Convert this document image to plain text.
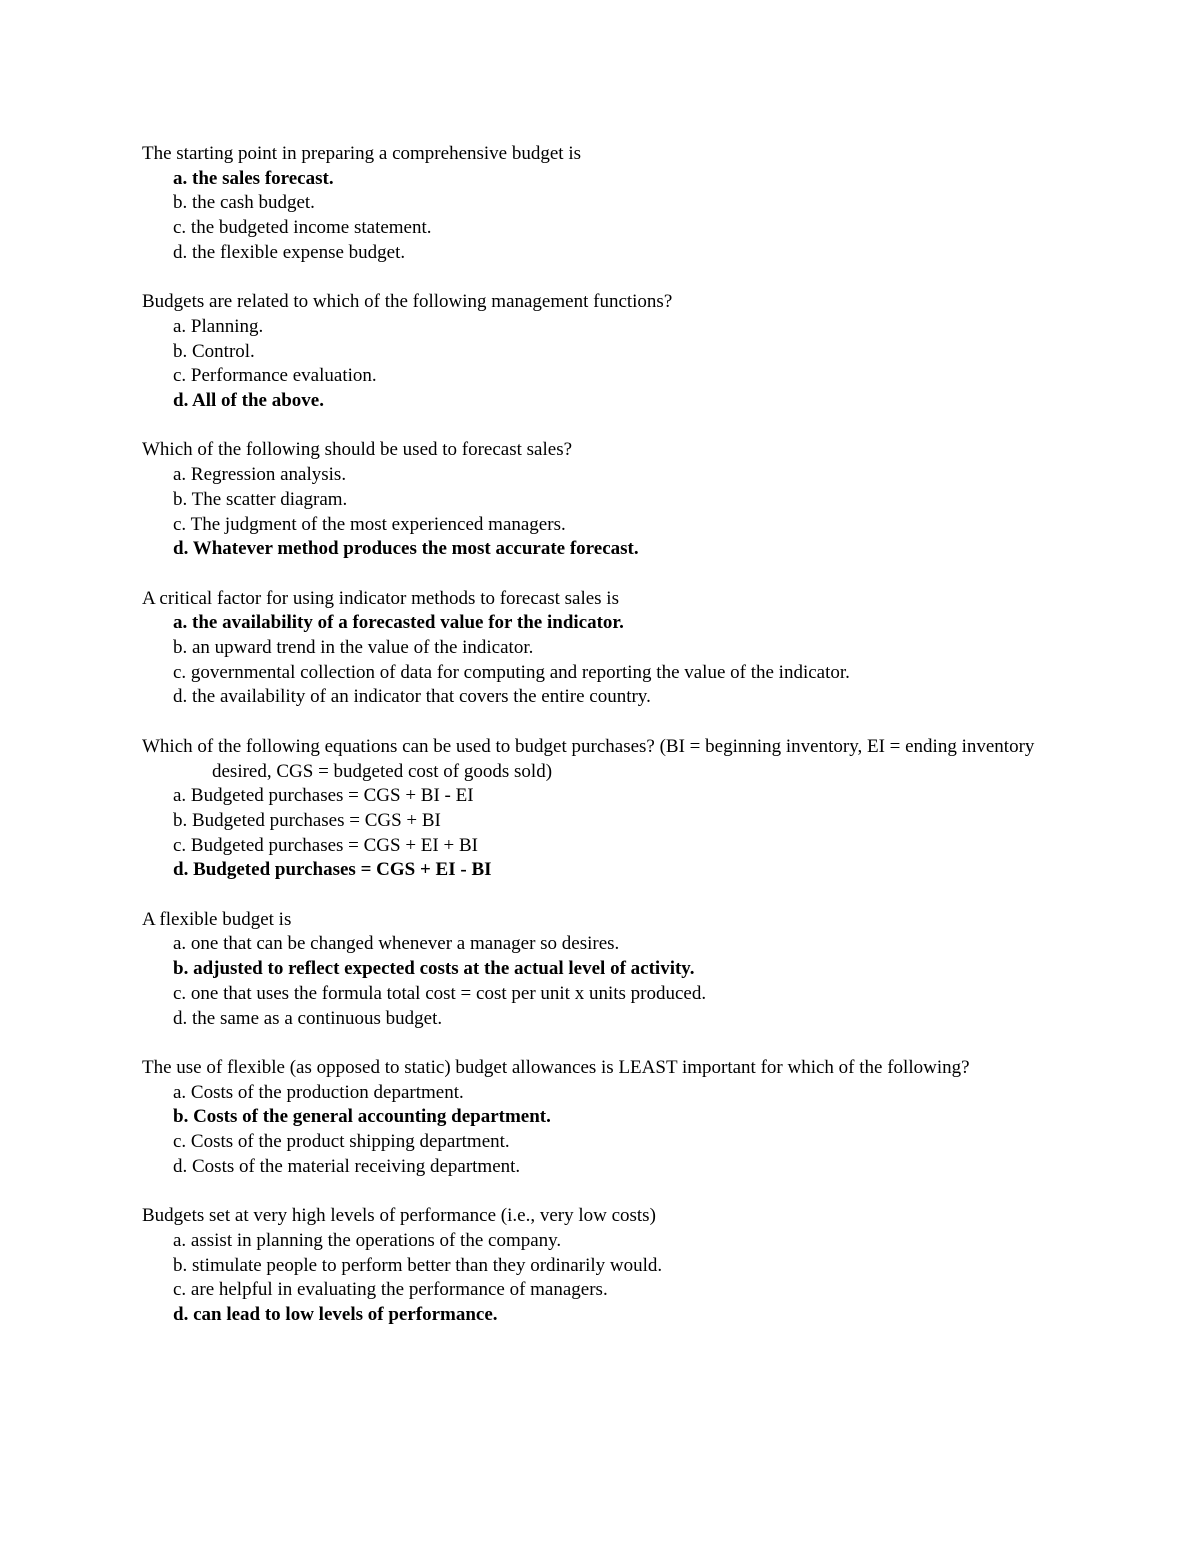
The starting point in preparing a comprehensive budget is
a. the sales forecast.
b. the cash budget.
c. the budgeted income statement.
d. the flexible expense budget.
Budgets are related to which of the following management functions?
a. Planning.
b. Control.
c. Performance evaluation.
d. All of the above.
Which of the following should be used to forecast sales?
a. Regression analysis.
b. The scatter diagram.
c. The judgment of the most experienced managers.
d. Whatever method produces the most accurate forecast.
A critical factor for using indicator methods to forecast sales is
a. the availability of a forecasted value for the indicator.
b. an upward trend in the value of the indicator.
c. governmental collection of data for computing and reporting the value of the indicator.
d. the availability of an indicator that covers the entire country.
Which of the following equations can be used to budget purchases? (BI = beginning inventory, EI = ending inventory desired, CGS = budgeted cost of goods sold)
a. Budgeted purchases = CGS + BI - EI
b. Budgeted purchases = CGS + BI
c. Budgeted purchases = CGS + EI + BI
d. Budgeted purchases = CGS + EI - BI
A flexible budget is
a. one that can be changed whenever a manager so desires.
b. adjusted to reflect expected costs at the actual level of activity.
c. one that uses the formula total cost = cost per unit x units produced.
d. the same as a continuous budget.
The use of flexible (as opposed to static) budget allowances is LEAST important for which of the following?
a. Costs of the production department.
b. Costs of the general accounting department.
c. Costs of the product shipping department.
d. Costs of the material receiving department.
Budgets set at very high levels of performance (i.e., very low costs)
a. assist in planning the operations of the company.
b. stimulate people to perform better than they ordinarily would.
c. are helpful in evaluating the performance of managers.
d. can lead to low levels of performance.
